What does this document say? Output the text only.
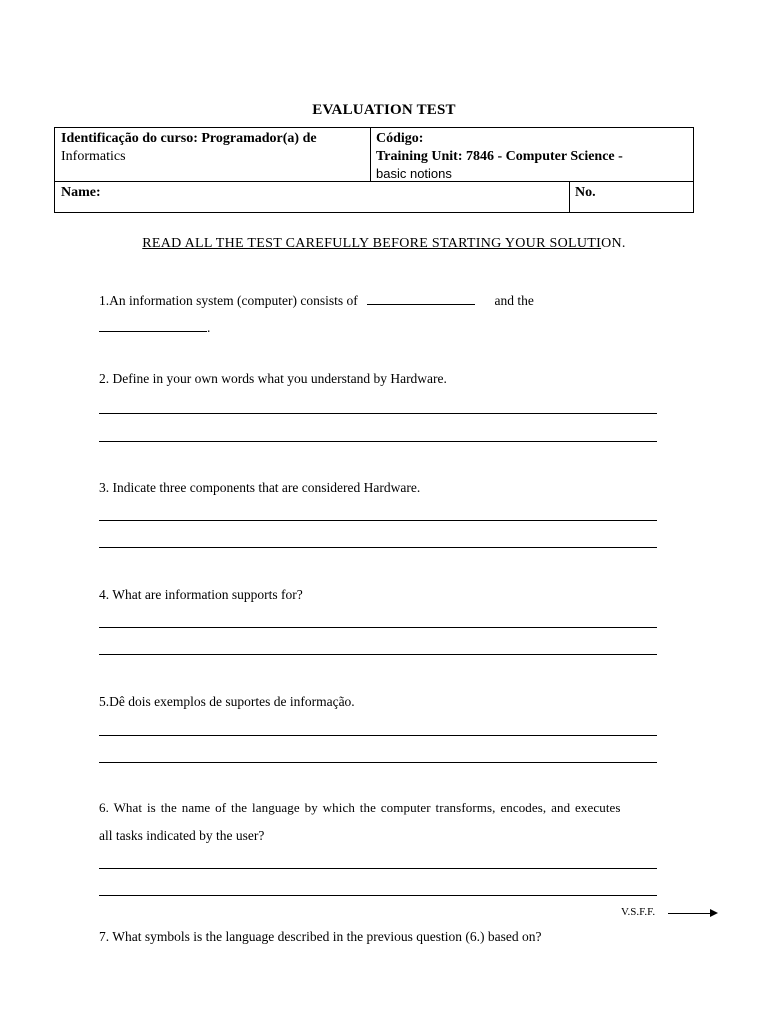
EVALUATION TEST
Identificação do curso: Programador(a) de
Informatics
Código:
Training Unit: 7846 - Computer Science -
basic notions
Name:	No.
READ ALL THE TEST CAREFULLY BEFORE STARTING YOUR SOLUTION.
1.An information system (computer) consists of	and the
.
2. Define in your own words what you understand by Hardware.
3. Indicate three components that are considered Hardware.
4. What are information supports for?
5.Dê dois exemplos de suportes de informação.
6. What is the name of the language by which the computer transforms, encodes, and executes
all tasks indicated by the user?
V.S.F.F.
7. What symbols is the language described in the previous question (6.) based on?
